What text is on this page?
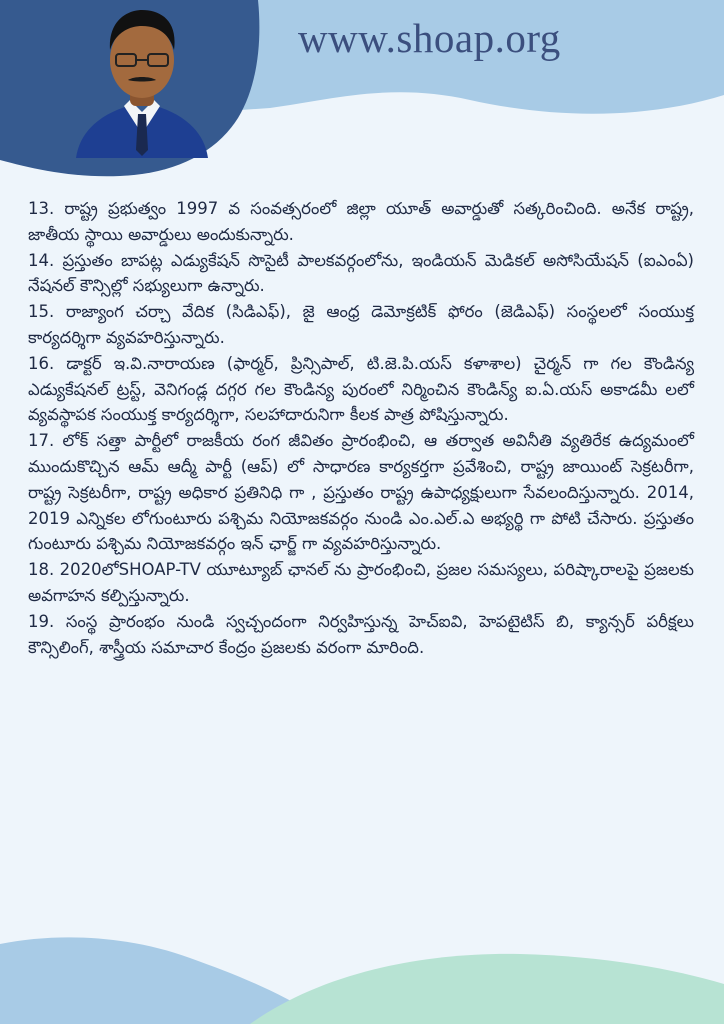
www.shoap.org

13. రాష్ట్ర ప్రభుత్వం 1997 వ సంవత్సరంలో జిల్లా యూత్ అవార్డుతో సత్కరించింది. అనేక రాష్ట్ర, జాతీయ స్థాయి అవార్డులు అందుకున్నారు.

14. ప్రస్తుతం బాపట్ల ఎడ్యుకేషన్ సొసైటీ పాలకవర్గంలోను, ఇండియన్ మెడికల్ అసోసియేషన్ (ఐఎంఏ) నేషనల్ కౌన్సిల్లో సభ్యులుగా ఉన్నారు.

15. రాజ్యాంగ చర్చా వేదిక (సిడిఎఫ్), జై ఆంధ్ర డెమోక్రటిక్ ఫోరం (జెడిఎఫ్) సంస్థలలో సంయుక్త కార్యదర్శిగా వ్యవహరిస్తున్నారు.

16. డాక్టర్ ఇ.వి.నారాయణ (ఫార్మర్, ప్రిన్సిపాల్, టి.జె.పి.యస్ కళాశాల) చైర్మన్ గా గల కౌండిన్య ఎడ్యుకేషనల్ ట్రస్ట్, వెనిగండ్ల దగ్గర గల కౌండిన్య పురంలో నిర్మించిన కౌండిన్య్ ఐ.ఏ.యస్ అకాడమీ లలో వ్యవస్థాపక సంయుక్త కార్యదర్శిగా, సలహాదారునిగా కీలక పాత్ర పోషిస్తున్నారు.

17. లోక్ సత్తా పార్టీలో రాజకీయ రంగ జీవితం ప్రారంభించి, ఆ తర్వాత అవినీతి వ్యతిరేక ఉద్యమంలో ముందుకొచ్చిన ఆమ్ ఆద్మీ పార్టీ (ఆప్) లో సాధారణ కార్యకర్తగా ప్రవేశించి, రాష్ట్ర జాయింట్ సెక్రటరీగా, రాష్ట్ర సెక్రటరీగా, రాష్ట్ర అధికార ప్రతినిధి గా , ప్రస్తుతం రాష్ట్ర ఉపాధ్యక్షులుగా సేవలందిస్తున్నారు. 2014, 2019 ఎన్నికల లోగుంటూరు పశ్చిమ నియోజకవర్గం నుండి ఎం.ఎల్.ఎ అభ్యర్థి గా పోటి చేసారు. ప్రస్తుతం గుంటూరు పశ్చిమ నియోజకవర్గం ఇన్ ఛార్జ్ గా వ్యవహరిస్తున్నారు.

18. 2020లోSHOAP-TV యూట్యూబ్ ఛానల్ ను ప్రారంభించి, ప్రజల సమస్యలు, పరిష్కారాలపై ప్రజలకు అవగాహన కల్పిస్తున్నారు.

19. సంస్థ ప్రారంభం నుండి స్వచ్చందంగా నిర్వహిస్తున్న హెచ్ఐవి, హెపటైటిస్ బి, క్యాన్సర్ పరీక్షలు కౌన్సిలింగ్, శాస్త్రీయ సమాచార కేంద్రం ప్రజలకు వరంగా మారింది.
